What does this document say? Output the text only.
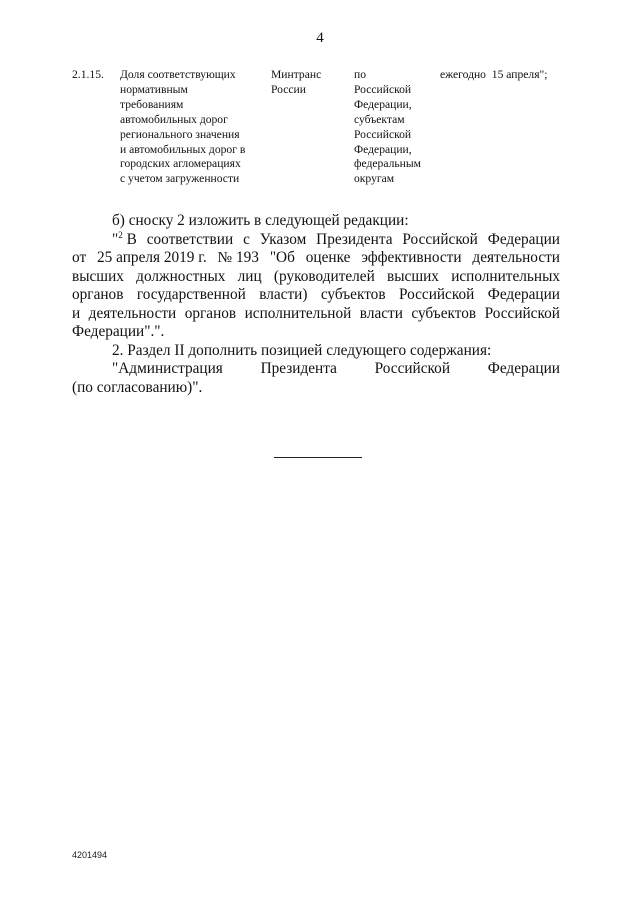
4
2.1.15.	Доля соответствующих
нормативным
требованиям
автомобильных дорог
регионального значения
и автомобильных дорог в
городских агломерациях
с учетом загруженности
Минтранс
России
по
Российской
Федерации,
субъектам
Российской
Федерации,
федеральным
округам
ежегодно  15 апреля";

б) сноску 2 изложить в следующей редакции:

"$^2$ В соответствии с Указом Президента Российской Федерации
от 25 апреля 2019 г. № 193 "Об оценке эффективности деятельности
высших должностных лиц (руководителей высших исполнительных
органов государственной власти) субъектов Российской Федерации
и деятельности органов исполнительной власти субъектов Российской
Федерации".".

2. Раздел II дополнить позицией следующего содержания:

"Администрация Президента Российской Федерации
(по согласованию)".
4201494
